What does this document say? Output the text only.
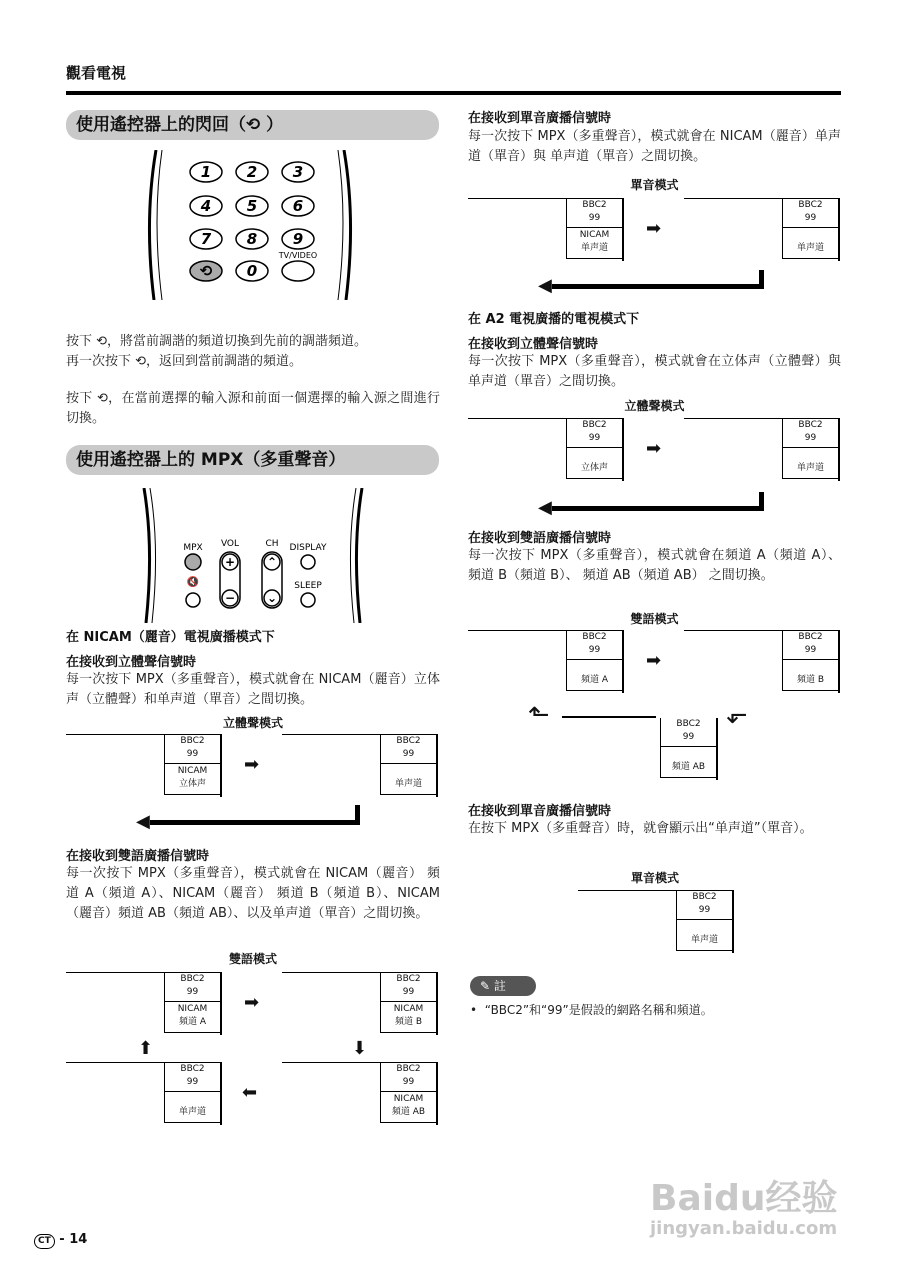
觀看電視
使用遙控器上的閃回（⟲ ）
1 2 3
4 5 6
7 8 9
0
⟲
TV/VIDEO
按下 ⟲，將當前調諧的頻道切換到先前的調諧頻道。
再一次按下 ⟲，返回到當前調諧的頻道。
按下 ⟲，在當前選擇的輸入源和前面一個選擇的輸入源之間進行切換。
使用遙控器上的 MPX（多重聲音）
MPX VOL	CH DISPLAY
SLEEP
+
−
⌃
⌄
🔇
在 NICAM（麗音）電視廣播模式下
在接收到立體聲信號時
每一次按下 MPX（多重聲音），模式就會在 NICAM（麗音）立体声（立體聲）和单声道（單音）之間切換。
立體聲模式
BBC2
99
NICAM
立体声
➡
BBC2
99
单声道
◀
在接收到雙語廣播信號時
每一次按下 MPX（多重聲音），模式就會在 NICAM（麗音） 頻道 A（頻道 A）、NICAM（麗音） 頻道 B（頻道 B）、NICAM（麗音）頻道 AB（頻道 AB）、以及单声道（單音）之間切換。
雙語模式
BBC2
99
NICAM
頻道 A
➡
BBC2
99
NICAM
頻道 B
⬆	⬇
BBC2
99
单声道
⬅
BBC2
99
NICAM
頻道 AB
在接收到單音廣播信號時
每一次按下 MPX（多重聲音），模式就會在 NICAM（麗音）单声道（單音）與 单声道（單音）之間切換。
單音模式
BBC2
99
NICAM
单声道
➡
BBC2
99
单声道
◀
在 A2 電視廣播的電視模式下
在接收到立體聲信號時
每一次按下 MPX（多重聲音），模式就會在立体声（立體聲）與单声道（單音）之間切換。
立體聲模式
BBC2
99
立体声
➡
BBC2
99
单声道
◀
在接收到雙語廣播信號時
每一次按下 MPX（多重聲音），模式就會在頻道 A（頻道 A）、 頻道 B（頻道 B）、 頻道 AB（頻道 AB） 之間切換。
雙語模式
BBC2
99
頻道 A
➡
BBC2
99
頻道 B
⬑	BBC2
99
頻道 AB
⬐
在接收到單音廣播信號時
在按下 MPX（多重聲音）時，就會顯示出“单声道”（單音）。
單音模式
BBC2
99
单声道
✎ 註
•  “BBC2”和“99”是假設的網路名稱和頻道。
Baidu经验
jingyan.baidu.com
CT - 14
